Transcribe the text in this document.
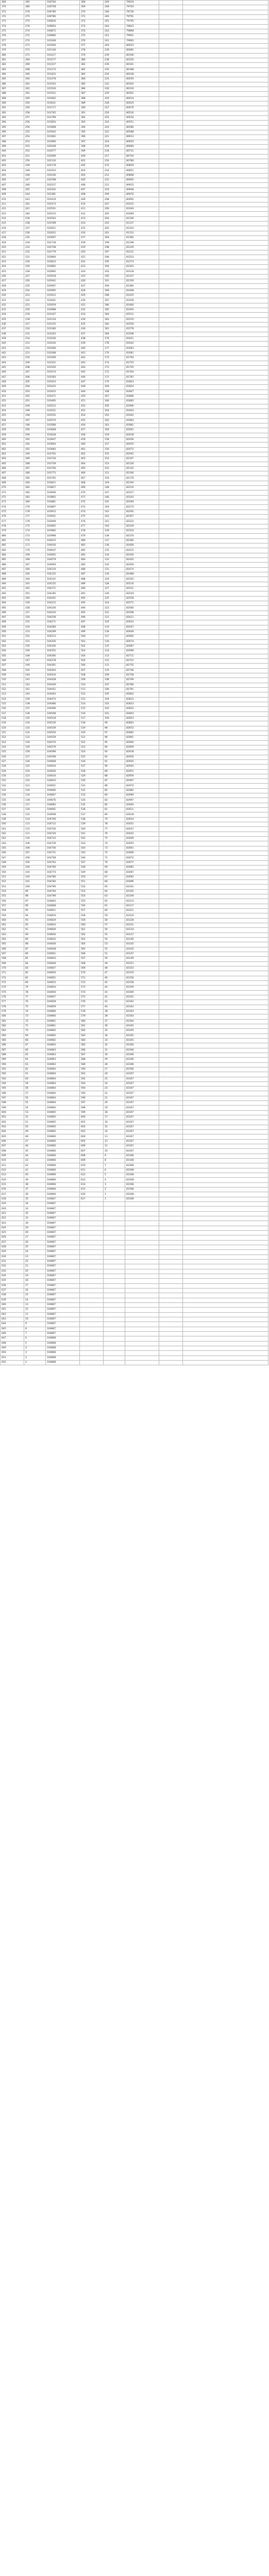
369	392	100704	368	249	79616		
370	380	100758	369	248	79704		
371	276	100780	370	248	79730		
372	275	100786	371	246	79791		
373	275	100816	372	245	79795		
374	276	100854	373	244	79823		
375	274	100872	374	242	79868		
376	272	100984	375	241	79941		
377	272	101048	376	241	79963		
378	271	101094	377	240	80033		
379	271	101140	378	239	80081		
380	271	101217	379	239	80106		
381	269	101277	380	238	80150		
382	269	101317	381	236	80161		
383	268	101373	382	235	80188		
384	266	101423	383	234	80238		
385	264	101478	384	233	80293		
386	263	101503	385	231	80302		
387	262	101526	386	230	80316		
388	261	101551	387	229	80361		
389	260	101602	388	229	80414		
390	259	101641	389	228	80425		
391	259	101717	390	227	80476		
392	258	101765	391	226	80516		
393	257	101799	392	225	80534		
394	256	101854	393	224	80551		
395	256	101898	394	224	80580		
396	255	101943	395	222	80588		
397	254	101962	396	221	80613		
398	253	101990	397	220	80655		
399	253	102038	398	219	80666		
400	252	102077	399	218	80721		
401	251	102099	400	217	80754		
402	250	102134	401	216	80789		
403	249	102178	402	215	80829		
404	248	102203	403	214	80851		
405	248	102246	404	213	80868		
406	247	102298	405	212	80902		
407	246	102317	406	211	80915		
408	245	102342	407	210	80948		
409	244	102381	408	209	80976		
410	243	102419	409	208	80992		
411	242	102473	410	207	81012		
412	241	102501	411	206	81044		
413	240	102515	412	205	81069		
414	239	102563	413	204	81106		
415	238	102598	414	203	81127		
416	237	102621	415	202	81143		
417	236	102652	416	201	81153		
418	235	102697	417	200	81182		
419	234	102718	418	199	81198		
420	233	102748	419	198	81226		
421	232	102779	420	197	81231		
422	231	102800	421	196	81253		
423	230	102823	422	195	81274		
424	229	102862	423	194	81303		
425	228	102892	424	193	81318		
426	227	102918	425	192	81337		
427	226	102941	426	191	81359		
428	225	102967	427	190	81382		
429	224	102995	428	189	81408		
430	223	103012	429	188	81425		
431	222	103041	430	187	81449		
432	221	103059	431	186	81466		
433	220	103088	432	185	81492		
434	219	103107	433	184	81511		
435	218	103134	434	183	81535		
436	217	103155	435	182	81556		
437	216	103180	436	181	81578		
438	215	103203	437	180	81598		
439	214	103226	438	179	81621		
440	213	103244	439	178	81642		
441	212	103266	440	177	81663		
442	211	103288	441	176	81681		
443	210	103309	442	175	81704		
444	209	103331	443	174	81725		
445	208	103350	444	173	81745		
446	207	103374	445	172	81764		
447	206	103393	446	171	81787		
448	205	103414	447	170	81803		
449	204	103432	448	169	81824		
450	203	103453	449	168	81847		
451	202	103471	450	167	81866		
452	201	103493	451	166	81885		
453	200	103512	452	165	81906		
454	199	103531	453	164	81924		
455	198	103552	454	163	81942		
456	197	103570	455	162	81964		
457	196	103589	456	161	81981		
458	195	103608	457	160	82001		
459	194	103628	458	159	82018		
460	193	103647	459	158	82036		
461	192	103664	460	157	82055		
462	191	103683	461	156	82072		
463	190	103702	462	155	82091		
464	189	103720	463	154	82107		
465	188	103739	464	153	82126		
466	187	103756	465	152	82142		
467	186	103775	466	151	82160		
468	185	103792	467	150	82176		
469	184	103811	468	149	82194		
470	183	103827	469	148	82210		
471	182	103846	470	147	82227		
472	181	103862	471	146	82243		
473	180	103881	472	145	82260		
474	179	103897	473	144	82275		
475	178	103915	474	143	82292		
476	177	103931	475	142	82307		
477	176	103949	476	141	82323		
478	175	103965	477	140	82339		
479	174	103982	478	139	82354		
480	173	103998	479	138	82370		
481	172	104015	480	137	82385		
482	171	104030	481	136	82400		
483	170	104047	482	135	82415		
484	169	104062	483	134	82430		
485	168	104079	484	133	82445		
486	167	104094	485	132	82459		
487	166	104110	486	131	82474		
488	165	104125	487	130	82488		
489	164	104141	488	129	82503		
490	163	104155	489	128	82516		
491	162	104171	490	127	82531		
492	161	104185	491	126	82544		
493	160	104201	492	125	82558		
494	159	104215	493	124	82571		
495	158	104230	494	123	82585		
496	157	104243	495	122	82598		
497	156	104258	496	121	82611		
498	155	104271	497	120	82624		
499	154	104286	498	119	82637		
500	153	104299	499	118	82649		
501	152	104313	500	117	82662		
502	151	104326	501	116	82674		
503	150	104340	502	115	82687		
504	149	104352	503	114	82699		
505	148	104366	504	113	82711		
506	147	104378	505	112	82723		
507	146	104391	506	111	82735		
508	145	104403	507	110	82746		
509	144	104416	508	109	82758		
510	143	104428	509	108	82769		
511	142	104440	510	107	82780		
512	141	104451	511	106	82791		
513	140	104463	512	105	82802		
514	139	104474	513	104	82812		
515	138	104486	514	103	82823		
516	137	104496	515	102	82833		
517	136	104508	516	101	82843		
518	135	104518	517	100	82853		
519	134	104529	518	99	82863		
520	133	104539	519	98	82872		
521	132	104550	520	97	82882		
522	131	104559	521	96	82891		
523	130	104570	522	95	82900		
524	129	104579	523	94	82909		
525	128	104589	524	93	82918		
526	127	104598	525	92	82926		
527	126	104608	526	91	82935		
528	125	104616	527	90	82943		
529	124	104626	528	89	82951		
530	123	104634	529	88	82959		
531	122	104643	530	87	82967		
532	121	104651	531	86	82975		
533	120	104660	532	85	82982		
534	119	104667	533	84	82990		
535	118	104676	534	83	82997		
536	117	104683	535	82	83004		
537	116	104691	536	81	83011		
538	115	104698	537	80	83018		
539	114	104706	538	79	83024		
540	113	104712	539	78	83031		
541	112	104720	540	77	83037		
542	111	104726	541	76	83043		
543	110	104733	542	75	83049		
544	109	104739	543	74	83055		
545	108	104746	544	73	83061		
546	107	104751	545	72	83066		
547	106	104758	546	71	83072		
548	105	104763	547	70	83077		
549	104	104769	548	69	83082		
550	103	104774	549	68	83087		
551	102	104780	550	67	83092		
552	101	104784	551	66	83096		
553	100	104790	552	65	83101		
554	99	104794	553	64	83105		
555	98	104799	554	63	83109		
556	97	104803	555	62	83113		
557	96	104808	556	61	83117		
558	95	104811	557	60	83121		
559	94	104816	558	59	83124		
560	93	104819	559	58	83128		
561	92	104823	560	57	83131		
562	91	104826	561	56	83134		
563	90	104830	562	55	83137		
564	89	104832	563	54	83140		
565	88	104836	564	53	83142		
566	87	104838	565	52	83145		
567	86	104841	566	51	83147		
568	85	104843	567	50	83149		
569	84	104846	568	49	83151		
570	83	104847	569	48	83153		
571	82	104850	570	47	83155		
572	81	104851	571	46	83156		
573	80	104853	572	45	83158		
574	79	104854	573	44	83159		
575	78	104856	574	43	83160		
576	77	104857	575	42	83161		
577	76	104858	576	41	83162		
578	75	104859	577	40	83163		
579	74	104860	578	39	83163		
580	73	104860	579	38	83164		
581	72	104861	580	37	83164		
582	71	104861	581	36	83165		
583	70	104862	582	35	83165		
584	69	104862	583	34	83165		
585	68	104862	584	33	83165		
586	67	104863	585	32	83166		
587	66	104863	586	31	83166		
588	65	104863	587	30	83166		
589	64	104863	588	29	83166		
590	63	104863	589	28	83166		
591	62	104863	590	27	83166		
592	61	104864	591	26	83167		
593	60	104864	592	25	83167		
594	59	104864	593	24	83167		
595	58	104864	594	23	83167		
596	57	104864	595	22	83167		
597	56	104864	596	21	83167		
598	55	104864	597	20	83167		
599	54	104864	598	19	83167		
600	53	104865	599	18	83167		
601	52	104865	600	17	83167		
602	51	104865	601	16	83167		
603	50	104865	602	15	83167		
604	49	104865	603	14	83167		
605	48	104866	604	13	83167		
606	47	104866	605	12	83167		
607	46	104866	606	11	83167		
608	45	104866	607	10	83167		
609	44	104866	608	9	83168		
610	43	104866	609	8	83168		
611	42	104866	610	7	83168		
612	41	104866	611	6	83168		
613	40	104866	612	5	83168		
614	39	104866	613	4	83168		
615	38	104866	614	3	83168		
616	37	104866	615	2	83168		
617	36	104866	616	1	83168		
618	35	104867	617	1	83168		
619	34	104867					
620	33	104867					
621	32	104867					
622	31	104867					
623	30	104867					
624	29	104867					
625	28	104867					
626	27	104867					
627	26	104867					
628	25	104867					
629	24	104867					
630	23	104867					
631	22	104867					
632	21	104867					
633	20	104867					
634	19	104867					
635	18	104867					
636	17	104867					
637	16	104867					
638	15	104867					
639	14	104867					
640	13	104867					
641	12	104867					
642	11	104867					
643	10	104867					
644	9	104867					
645	8	104867					
646	7	104867					
647	6	104868					
648	5	104868					
649	4	104868					
650	3	104868					
651	2	104868					
652	1	104868					
